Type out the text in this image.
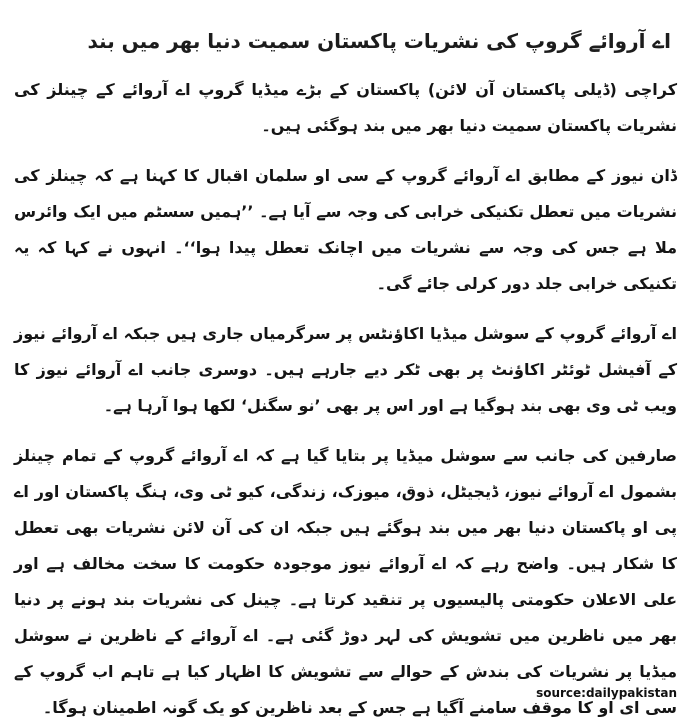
اے آروائے گروپ کی نشریات پاکستان سمیت دنیا بھر میں بند

کراچی (ڈیلی پاکستان آن لائن) پاکستان کے بڑے میڈیا گروپ اے آروائے کے چینلز کی نشریات پاکستان سمیت دنیا بھر میں بند ہوگئی ہیں۔

ڈان نیوز کے مطابق اے آروائے گروپ کے سی او سلمان اقبال کا کہنا ہے کہ چینلز کی نشریات میں تعطل تکنیکی خرابی کی وجہ سے آیا ہے۔ ’’ہمیں سسٹم میں ایک وائرس ملا ہے جس کی وجہ سے نشریات میں اچانک تعطل پیدا ہوا‘‘۔ انہوں نے کہا کہ یہ تکنیکی خرابی جلد دور کرلی جائے گی۔

اے آروائے گروپ کے سوشل میڈیا اکاؤنٹس پر سرگرمیاں جاری ہیں جبکہ اے آروائے نیوز کے آفیشل ٹوئٹر اکاؤنٹ پر بھی ٹکر دیے جارہے ہیں۔ دوسری جانب اے آروائے نیوز کا ویب ٹی وی بھی بند ہوگیا ہے اور اس پر بھی ’نو سگنل‘ لکھا ہوا آرہا ہے۔

صارفین کی جانب سے سوشل میڈیا پر بتایا گیا ہے کہ اے آروائے گروپ کے تمام چینلز بشمول اے آروائے نیوز، ڈیجیٹل، ذوق، میوزک، زندگی، کیو ٹی وی، ہنگ پاکستان اور اے پی او پاکستان دنیا بھر میں بند ہوگئے ہیں جبکہ ان کی آن لائن نشریات بھی تعطل کا شکار ہیں۔ واضح رہے کہ اے آروائے نیوز موجودہ حکومت کا سخت مخالف ہے اور علی الاعلان حکومتی پالیسیوں پر تنقید کرتا ہے۔ چینل کی نشریات بند ہونے پر دنیا بھر میں ناظرین میں تشویش کی لہر دوڑ گئی ہے۔ اے آروائے کے ناظرین نے سوشل میڈیا پر نشریات کی بندش کے حوالے سے تشویش کا اظہار کیا ہے تاہم اب گروپ کے سی ای او کا موقف سامنے آگیا ہے جس کے بعد ناظرین کو یک گونہ اطمینان ہوگا۔

source:dailypakistan
